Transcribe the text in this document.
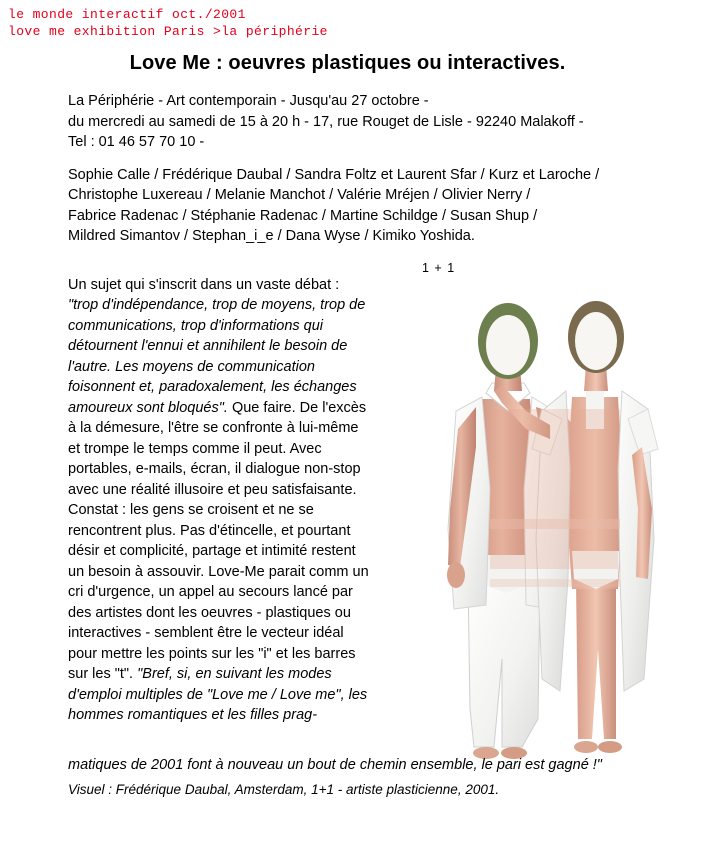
le monde interactif oct./2001
love me exhibition Paris >la périphérie
Love Me : oeuvres plastiques ou interactives.
La Périphérie - Art contemporain - Jusqu'au 27 octobre -
du mercredi au samedi de 15 à 20 h - 17, rue Rouget de Lisle - 92240 Malakoff -
Tel : 01 46 57 70 10 -
Sophie Calle / Frédérique Daubal / Sandra Foltz et Laurent Sfar / Kurz et Laroche /
Christophe Luxereau / Melanie Manchot / Valérie Mréjen / Olivier Nerry /
Fabrice Radenac / Stéphanie Radenac / Martine Schildge / Susan Shup /
Mildred Simantov / Stephan_i_e / Dana Wyse / Kimiko Yoshida.
1 + 1
Un sujet qui s'inscrit dans un vaste débat : "trop d'indépendance, trop de moyens, trop de communications, trop d'informations qui détournent l'ennui et annihilent le besoin de l'autre. Les moyens de communication foisonnent et, paradoxalement, les échanges amoureux sont bloqués". Que faire. De l'excès à la démesure, l'être se confronte à lui-même et trompe le temps comme il peut. Avec portables, e-mails, écran, il dialogue non-stop avec une réalité illusoire et peu satisfaisante. Constat : les gens se croisent et ne se rencontrent plus. Pas d'étincelle, et pourtant désir et complicité, partage et intimité restent un besoin à assouvir. Love-Me parait comm un cri d'urgence, un appel au secours lancé par des artistes dont les oeuvres - plastiques ou interactives - semblent être le vecteur idéal pour mettre les points sur les "i" et les barres sur les "t". "Bref, si, en suivant les modes d'emploi multiples de "Love me / Love me", les hommes romantiques et les filles prag-
matiques de 2001 font à nouveau un bout de chemin ensemble, le pari est gagné !"
Visuel : Frédérique Daubal, Amsterdam, 1+1 - artiste plasticienne, 2001.
